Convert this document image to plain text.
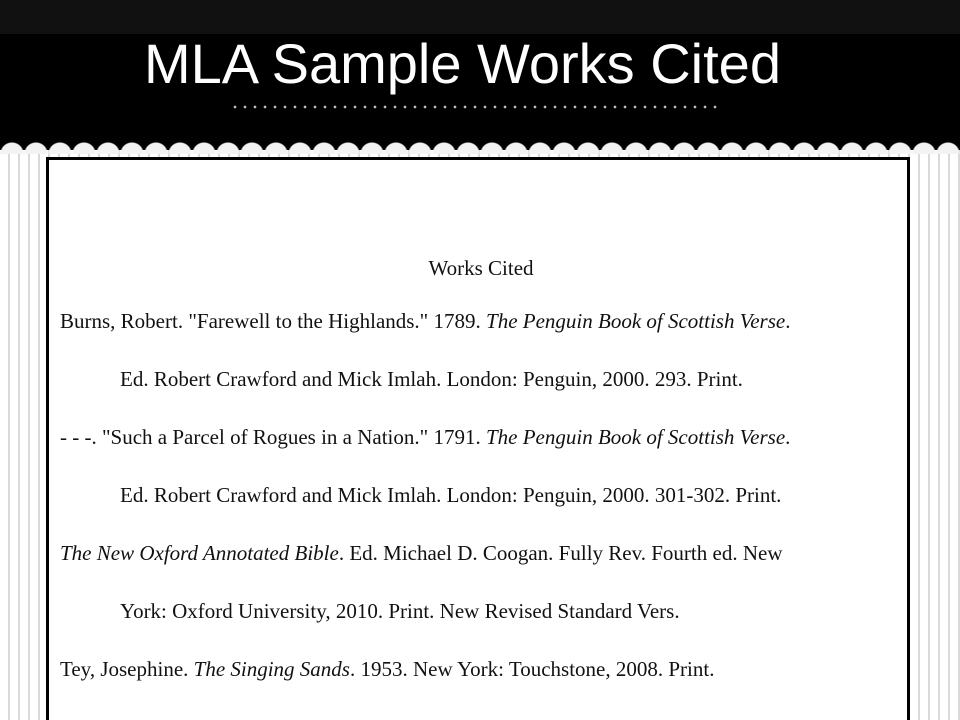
MLA Sample Works Cited
Works Cited
Burns, Robert. "Farewell to the Highlands." 1789. The Penguin Book of Scottish Verse.
Ed. Robert Crawford and Mick Imlah. London: Penguin, 2000. 293. Print.
- - -. "Such a Parcel of Rogues in a Nation." 1791. The Penguin Book of Scottish Verse.
Ed. Robert Crawford and Mick Imlah. London: Penguin, 2000. 301-302. Print.
The New Oxford Annotated Bible. Ed. Michael D. Coogan. Fully Rev. Fourth ed. New
York: Oxford University, 2010. Print. New Revised Standard Vers.
Tey, Josephine. The Singing Sands. 1953. New York: Touchstone, 2008. Print.
